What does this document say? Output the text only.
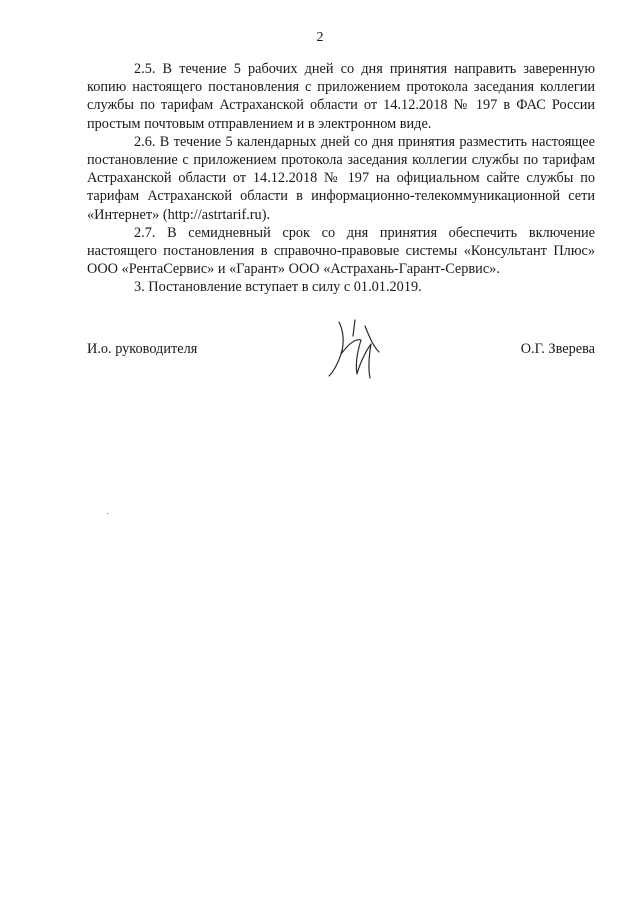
2

2.5. В течение 5 рабочих дней со дня принятия направить заверенную копию настоящего постановления с приложением протокола заседания коллегии службы по тарифам Астраханской области от 14.12.2018 № 197 в ФАС России простым почтовым отправлением и в электронном виде.

2.6. В течение 5 календарных дней со дня принятия разместить настоящее постановление с приложением протокола заседания коллегии службы по тарифам Астраханской области от 14.12.2018 № 197 на официальном сайте службы по тарифам Астраханской области в информационно-телекоммуникационной сети «Интернет» (http://astrtarif.ru).

2.7. В семидневный срок со дня принятия обеспечить включение настоящего постановления в справочно-правовые системы «Консультант Плюс» ООО «РентаСервис» и «Гарант» ООО «Астрахань-Гарант-Сервис».

3. Постановление вступает в силу с 01.01.2019.

И.о. руководителя	О.Г. Зверева
